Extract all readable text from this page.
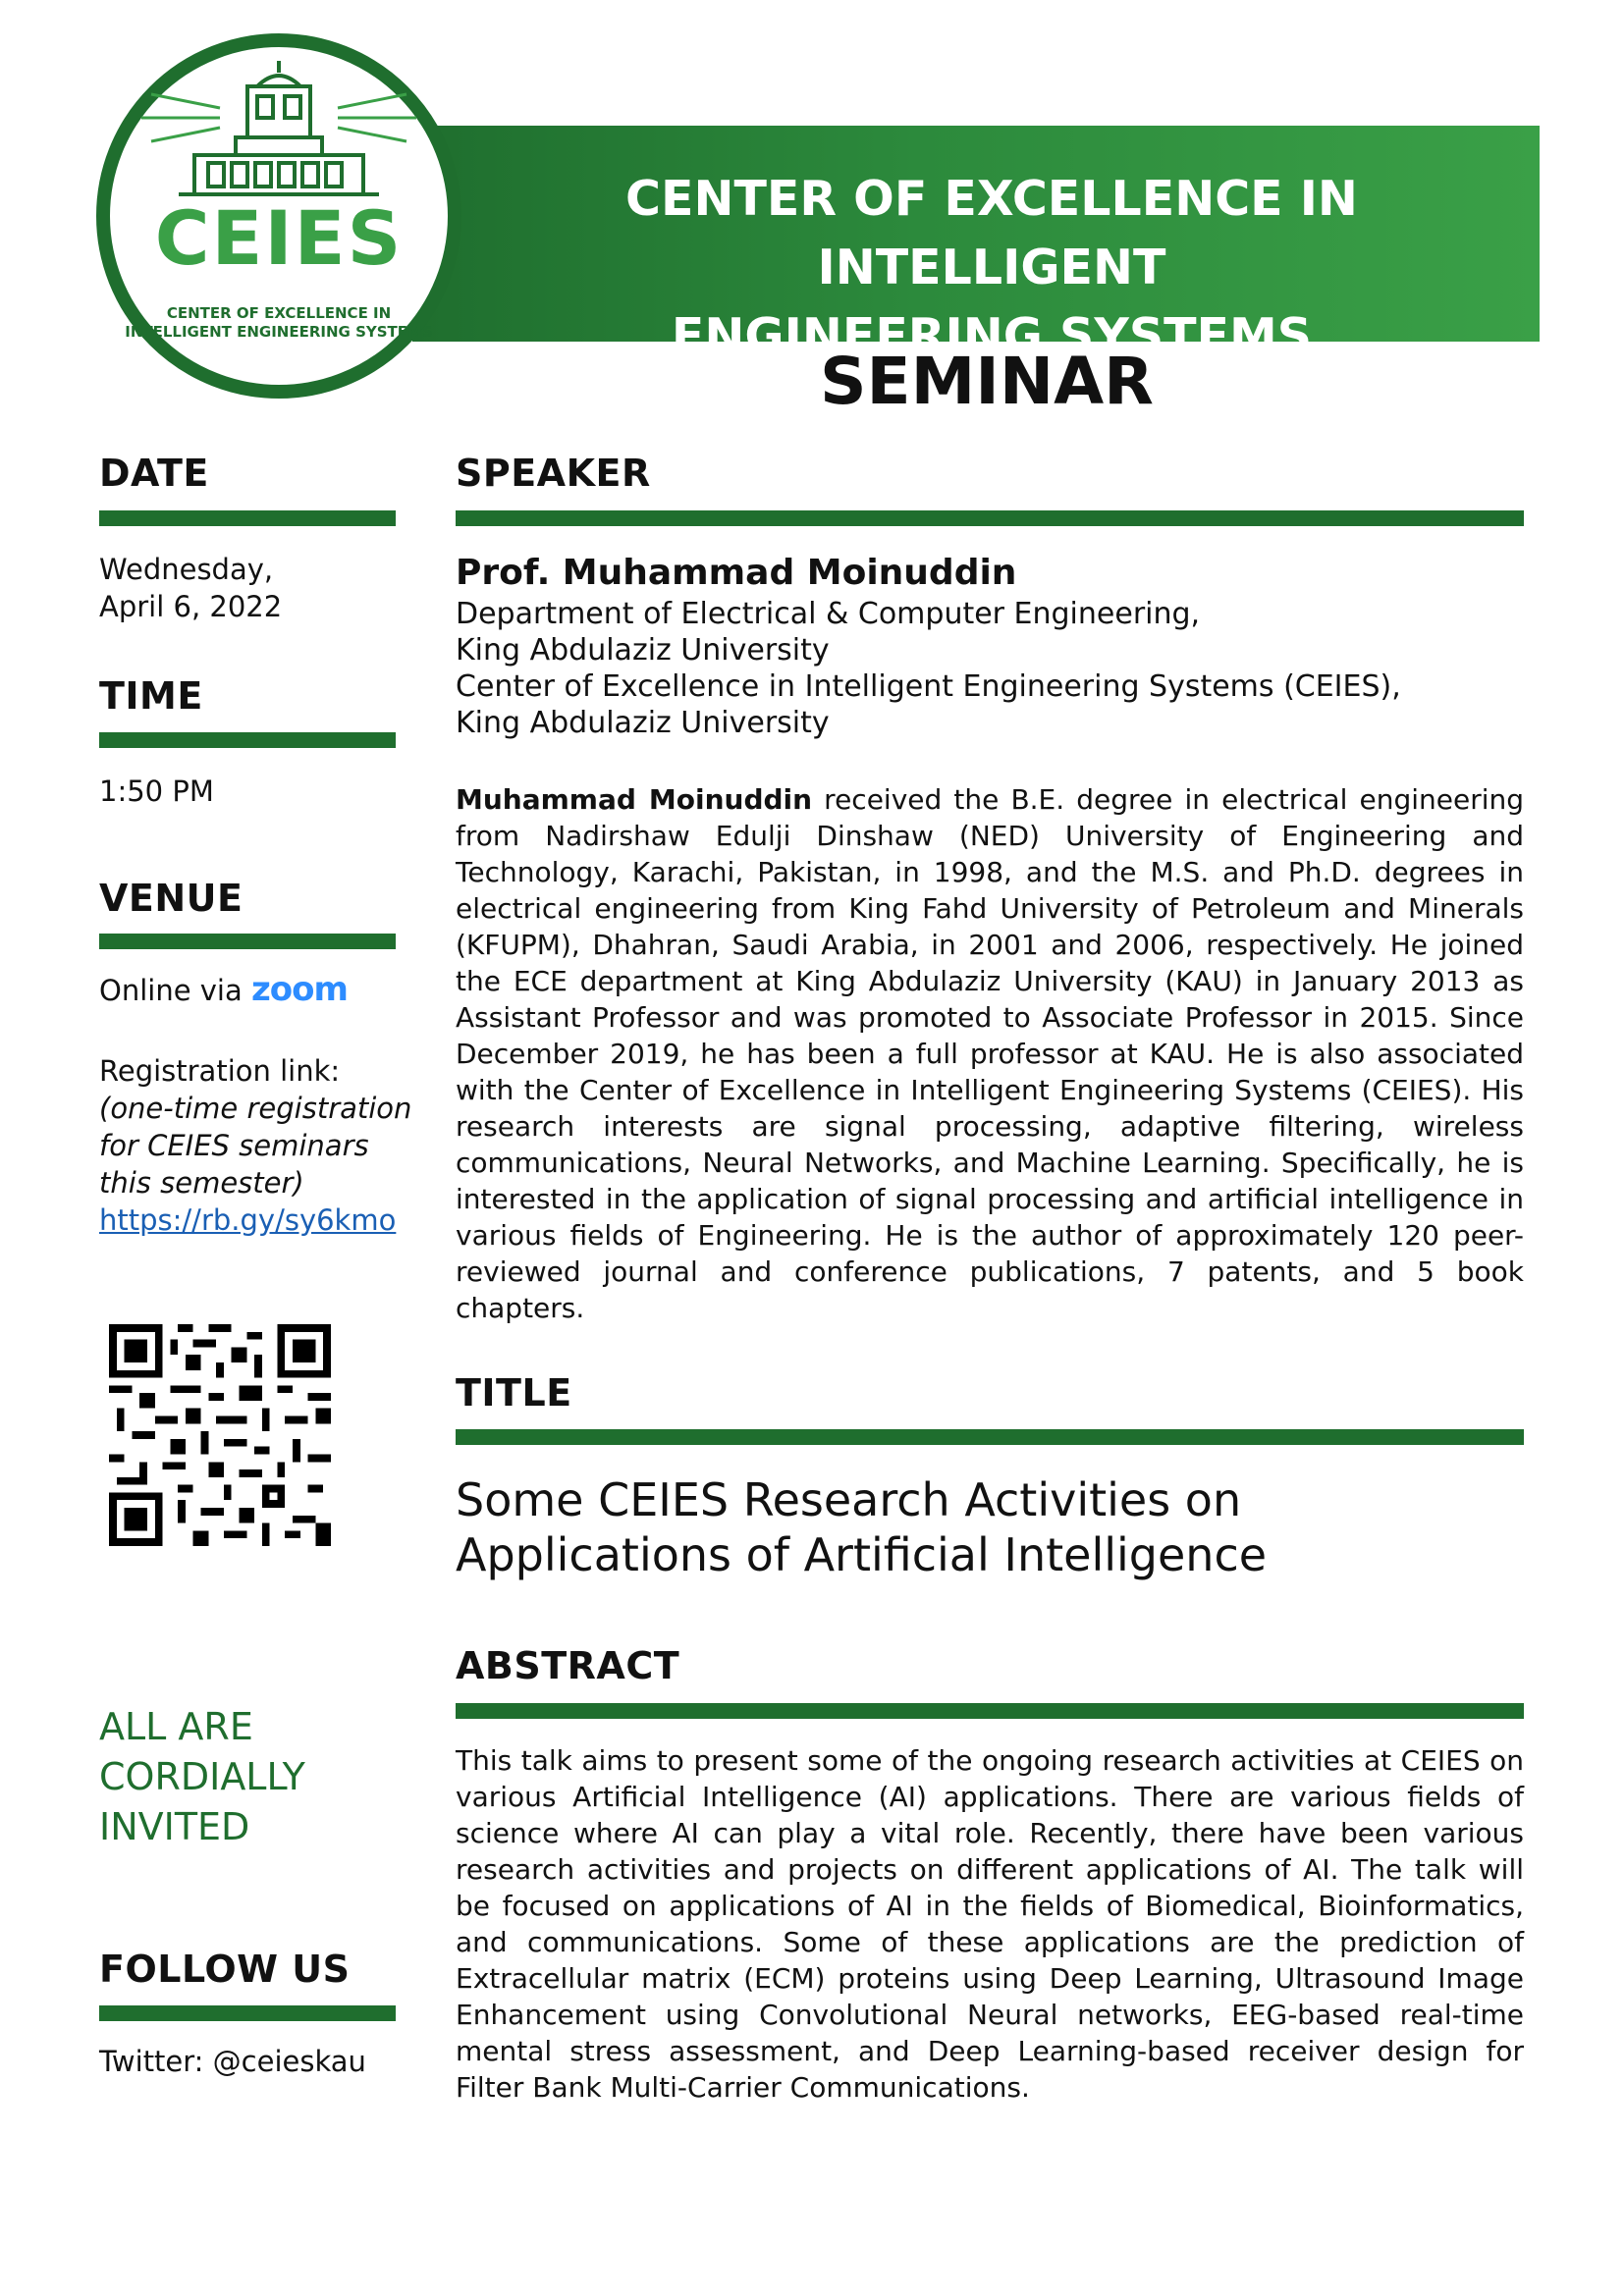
CENTER OF EXCELLENCE IN INTELLIGENT
ENGINEERING SYSTEMS
CEIES
CENTER OF EXCELLENCE IN
INTELLIGENT ENGINEERING SYSTEMS
SEMINAR
DATE
Wednesday,
April 6, 2022
TIME
1:50 PM
VENUE
Online via zoom
Registration link:
(one-time registration
for CEIES seminars
this semester)
https://rb.gy/sy6kmo
ALL ARE
CORDIALLY
INVITED
FOLLOW US
Twitter: @ceieskau
SPEAKER
Prof. Muhammad Moinuddin
Department of Electrical & Computer Engineering,
King Abdulaziz University
Center of Excellence in Intelligent Engineering Systems (CEIES),
King Abdulaziz University
Muhammad Moinuddin received the B.E. degree in electrical engineering from Nadirshaw Edulji Dinshaw (NED) University of Engineering and Technology, Karachi, Pakistan, in 1998, and the M.S. and Ph.D. degrees in electrical engineering from King Fahd University of Petroleum and Minerals (KFUPM), Dhahran, Saudi Arabia, in 2001 and 2006, respectively. He joined the ECE department at King Abdulaziz University (KAU) in January 2013 as Assistant Professor and was promoted to Associate Professor in 2015. Since December 2019, he has been a full professor at KAU. He is also associated with the Center of Excellence in Intelligent Engineering Systems (CEIES). His research interests are signal processing, adaptive filtering, wireless communications, Neural Networks, and Machine Learning. Specifically, he is interested in the application of signal processing and artificial intelligence in various fields of Engineering. He is the author of approximately 120 peer-reviewed journal and conference publications, 7 patents, and 5 book chapters.
TITLE
Some CEIES Research Activities on
Applications of Artificial Intelligence
ABSTRACT
This talk aims to present some of the ongoing research activities at CEIES on various Artificial Intelligence (AI) applications. There are various fields of science where AI can play a vital role. Recently, there have been various research activities and projects on different applications of AI. The talk will be focused on applications of AI in the fields of Biomedical, Bioinformatics, and communications. Some of these applications are the prediction of Extracellular matrix (ECM) proteins using Deep Learning, Ultrasound Image Enhancement using Convolutional Neural networks, EEG-based real-time mental stress assessment, and Deep Learning-based receiver design for Filter Bank Multi-Carrier Communications.
